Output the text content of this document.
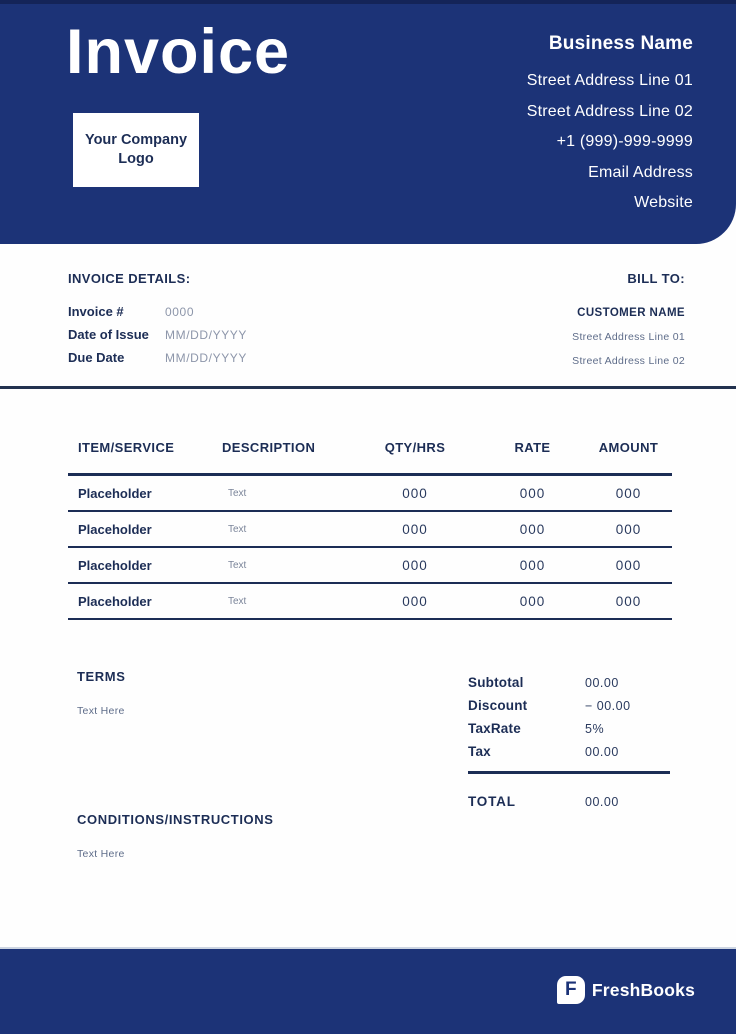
Invoice
Your Company
Logo
Business Name
Street Address Line 01
Street Address Line 02
+1 (999)-999-9999
Email Address
Website
INVOICE DETAILS:
Invoice #	0000
Date of Issue	MM/DD/YYYY
Due Date	MM/DD/YYYY
BILL TO:
CUSTOMER NAME
Street Address Line 01
Street Address Line 02
ITEM/SERVICE	DESCRIPTION	QTY/HRS	RATE	AMOUNT
Placeholder	Text	000	000	000
Placeholder	Text	000	000	000
Placeholder	Text	000	000	000
Placeholder	Text	000	000	000
TERMS
Text Here
Subtotal	00.00
Discount	− 00.00
TaxRate	5%
Tax	00.00
TOTAL	00.00
CONDITIONS/INSTRUCTIONS
Text Here
F FreshBooks
